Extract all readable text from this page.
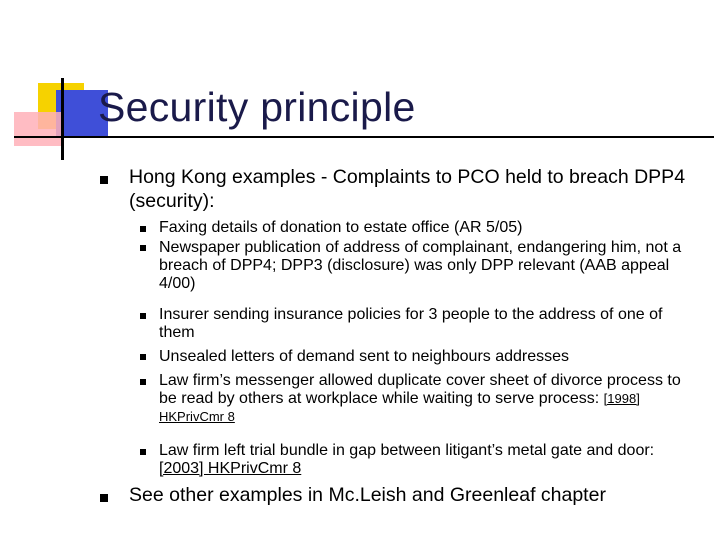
Security principle
Hong Kong examples - Complaints to PCO held to breach DPP4 (security):
Faxing details of donation to estate office (AR 5/05)
Newspaper publication of address of complainant, endangering him, not a breach of DPP4; DPP3 (disclosure) was only DPP relevant (AAB appeal 4/00)
Insurer sending insurance policies for 3 people to the address of one of them
Unsealed letters of demand sent to neighbours addresses
Law firm’s messenger allowed duplicate cover sheet of divorce process to be read by others at workplace while waiting to serve process: [1998] HKPrivCmr 8
Law firm left trial bundle in gap between litigant’s metal gate and door: [2003] HKPrivCmr 8
See other examples in Mc.Leish and Greenleaf chapter
